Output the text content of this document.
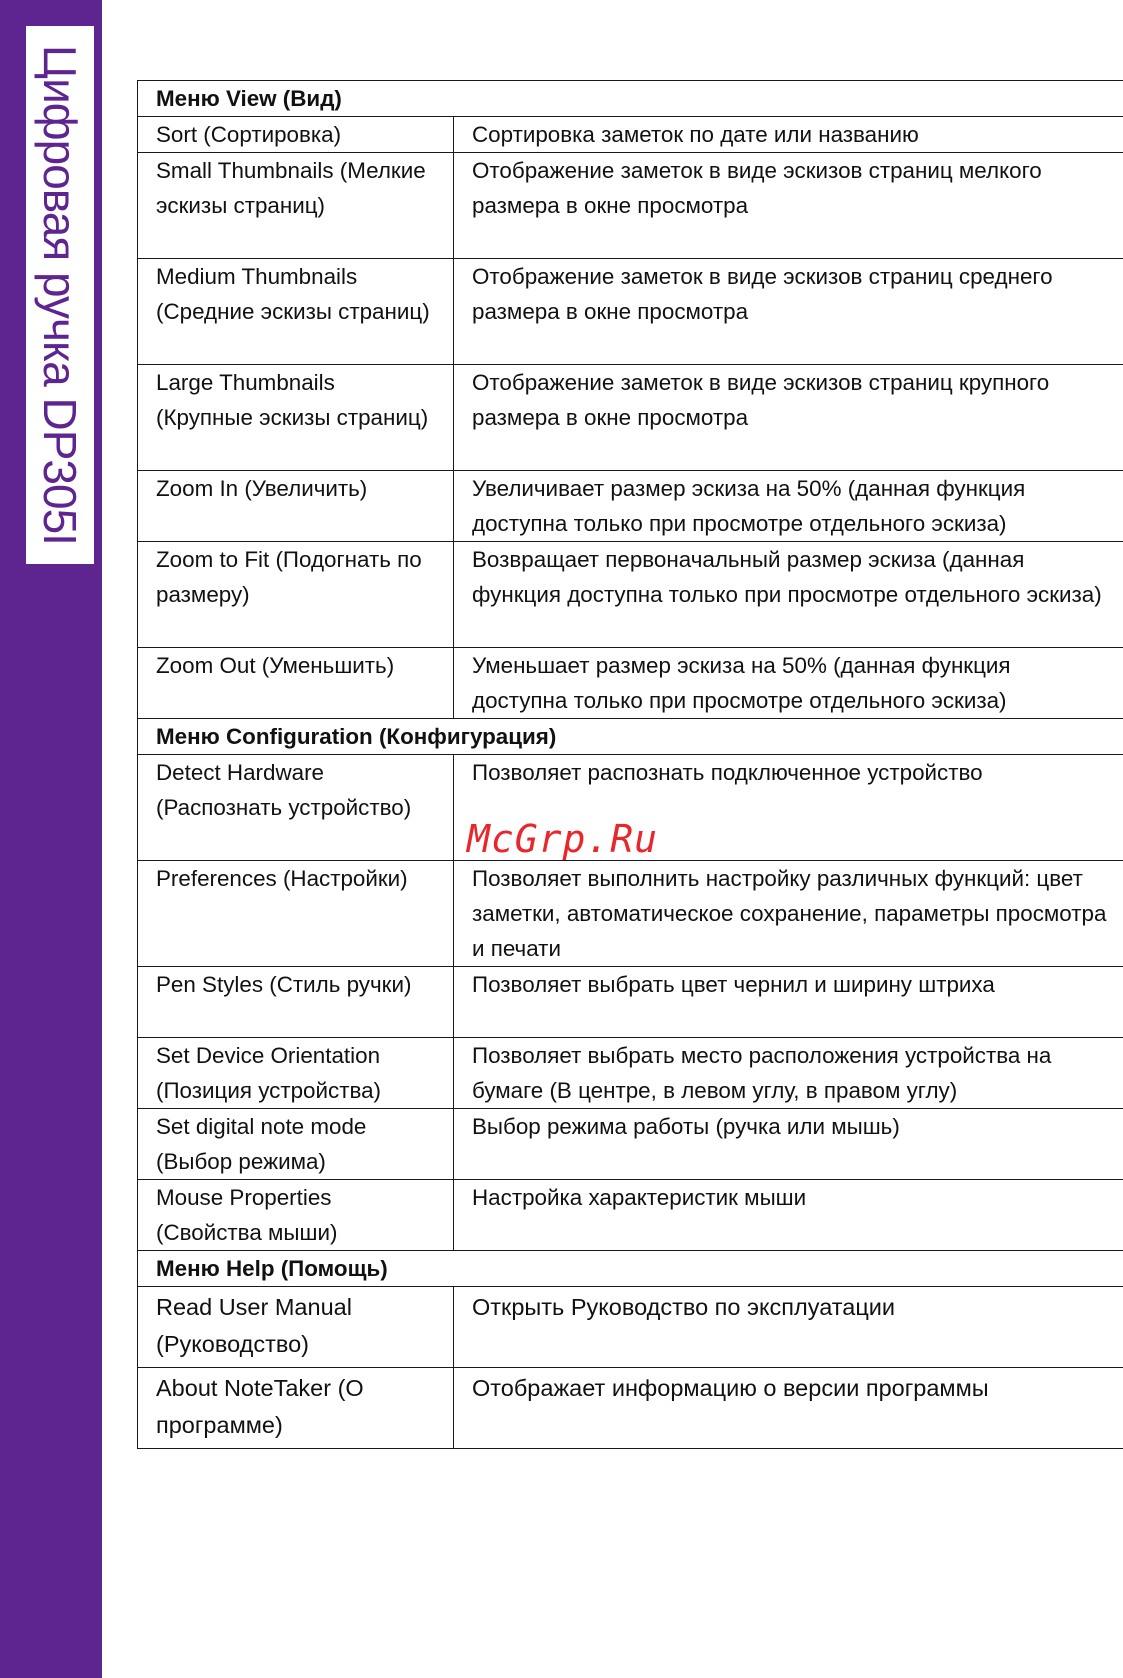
Цифровая ручка DP305I	Меню View (Вид)	
Sort (Сортировка)	Сортировка заметок по дате или названию
Small Thumbnails (Мелкие эскизы страниц)	Отображение заметок в виде эскизов страниц мелкого размера в окне просмотра
Medium Thumbnails (Средние эскизы страниц)	Отображение заметок в виде эскизов страниц среднего размера в окне просмотра
Large Thumbnails (Крупные эскизы страниц)	Отображение заметок в виде эскизов страниц крупного размера в окне просмотра
Zoom In (Увеличить)	Увеличивает размер эскиза на 50% (данная функция доступна только при просмотре отдельного эскиза)
Zoom to Fit (Подогнать по размеру)	Возвращает первоначальный размер эскиза (данная функция доступна только при просмотре отдельного эскиза)
Zoom Out (Уменьшить)	Уменьшает размер эскиза на 50% (данная функция доступна только при просмотре отдельного эскиза)
Меню Configuration (Конфигурация)	
Detect Hardware (Распознать устройство)	Позволяет распознать подключенное устройство
Preferences (Настройки)	Позволяет выполнить настройку различных функций: цвет заметки, автоматическое сохранение, параметры просмотра и печати
Pen Styles (Стиль ручки)	Позволяет выбрать цвет чернил и ширину штриха
Set Device Orientation (Позиция устройства)	Позволяет выбрать место расположения устройства на бумаге (В центре, в левом углу, в правом углу)
Set digital note mode (Выбор режима)	Выбор режима работы (ручка или мышь)
Mouse Properties (Свойства мыши)	Настройка характеристик мыши
Меню Help (Помощь)	
Read User Manual (Руководство)	Открыть Руководство по эксплуатации
About NoteTaker (О программе)	Отображает информацию о версии программы
McGrp.Ru
